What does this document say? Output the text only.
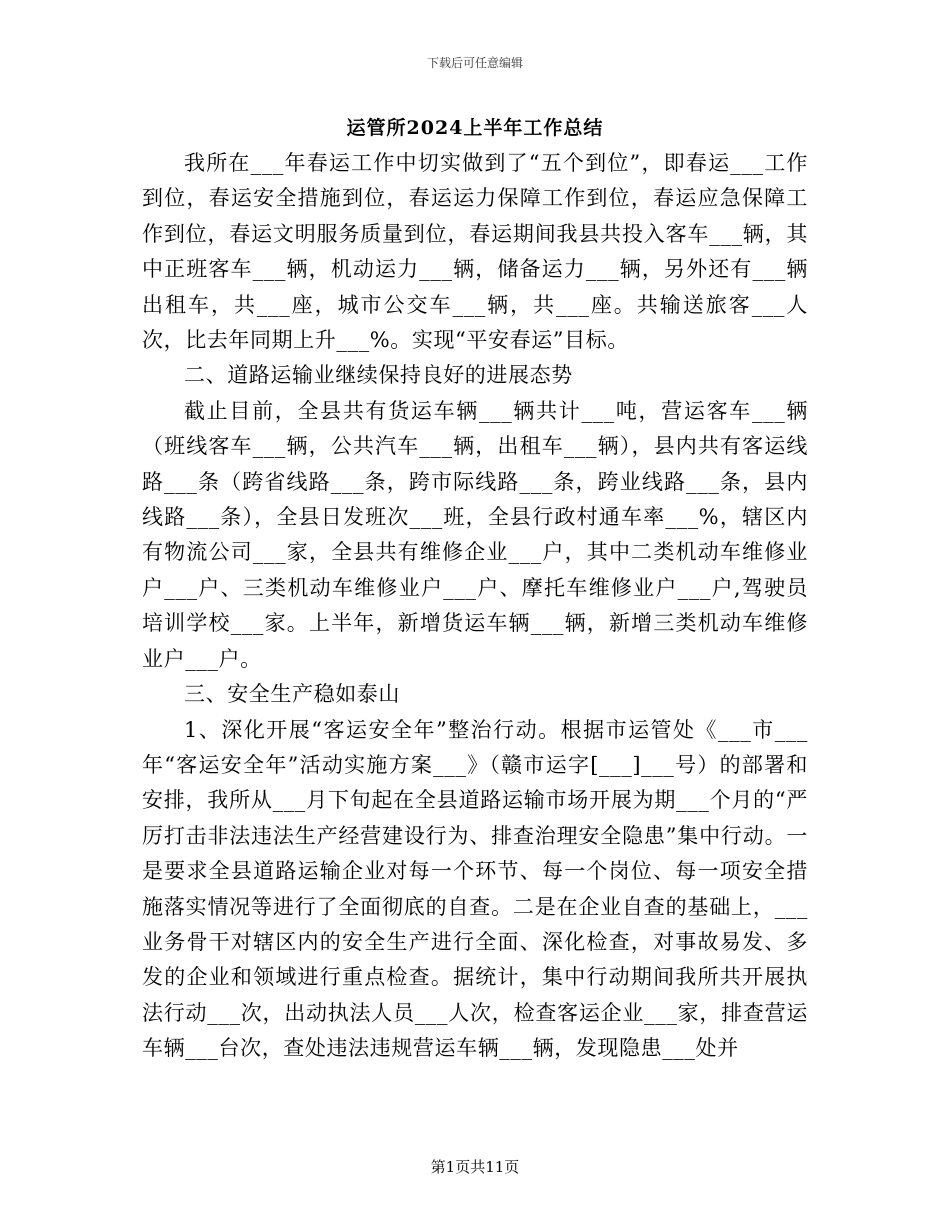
下载后可任意编辑
运管所2024上半年工作总结

我所在___年春运工作中切实做到了“五个到位”，即春运___工作到位，春运安全措施到位，春运运力保障工作到位，春运应急保障工作到位，春运文明服务质量到位，春运期间我县共投入客车___辆，其中正班客车___辆，机动运力___辆，储备运力___辆，另外还有___辆出租车，共___座，城市公交车___辆，共___座。共输送旅客___人次，比去年同期上升___%。实现“平安春运”目标。

二、道路运输业继续保持良好的进展态势

截止目前，全县共有货运车辆___辆共计___吨，营运客车___辆（班线客车___辆，公共汽车___辆，出租车___辆），县内共有客运线路___条（跨省线路___条，跨市际线路___条，跨业线路___条，县内线路___条），全县日发班次___班，全县行政村通车率___%，辖区内有物流公司___家，全县共有维修企业___户，其中二类机动车维修业户___户、三类机动车维修业户___户、摩托车维修业户___户,驾驶员培训学校___家。上半年，新增货运车辆___辆，新增三类机动车维修业户___户。

三、安全生产稳如泰山

1、深化开展“客运安全年”整治行动。根据市运管处《___市___年“客运安全年”活动实施方案___》（赣市运字[___]___号）的部署和安排，我所从___月下旬起在全县道路运输市场开展为期___个月的“严厉打击非法违法生产经营建设行为、排查治理安全隐患”集中行动。一是要求全县道路运输企业对每一个环节、每一个岗位、每一项安全措施落实情况等进行了全面彻底的自查。二是在企业自查的基础上，___业务骨干对辖区内的安全生产进行全面、深化检查，对事故易发、多发的企业和领域进行重点检查。据统计，集中行动期间我所共开展执法行动___次，出动执法人员___人次，检查客运企业___家，排查营运车辆___台次，查处违法违规营运车辆___辆，发现隐患___处并

第1页共11页
